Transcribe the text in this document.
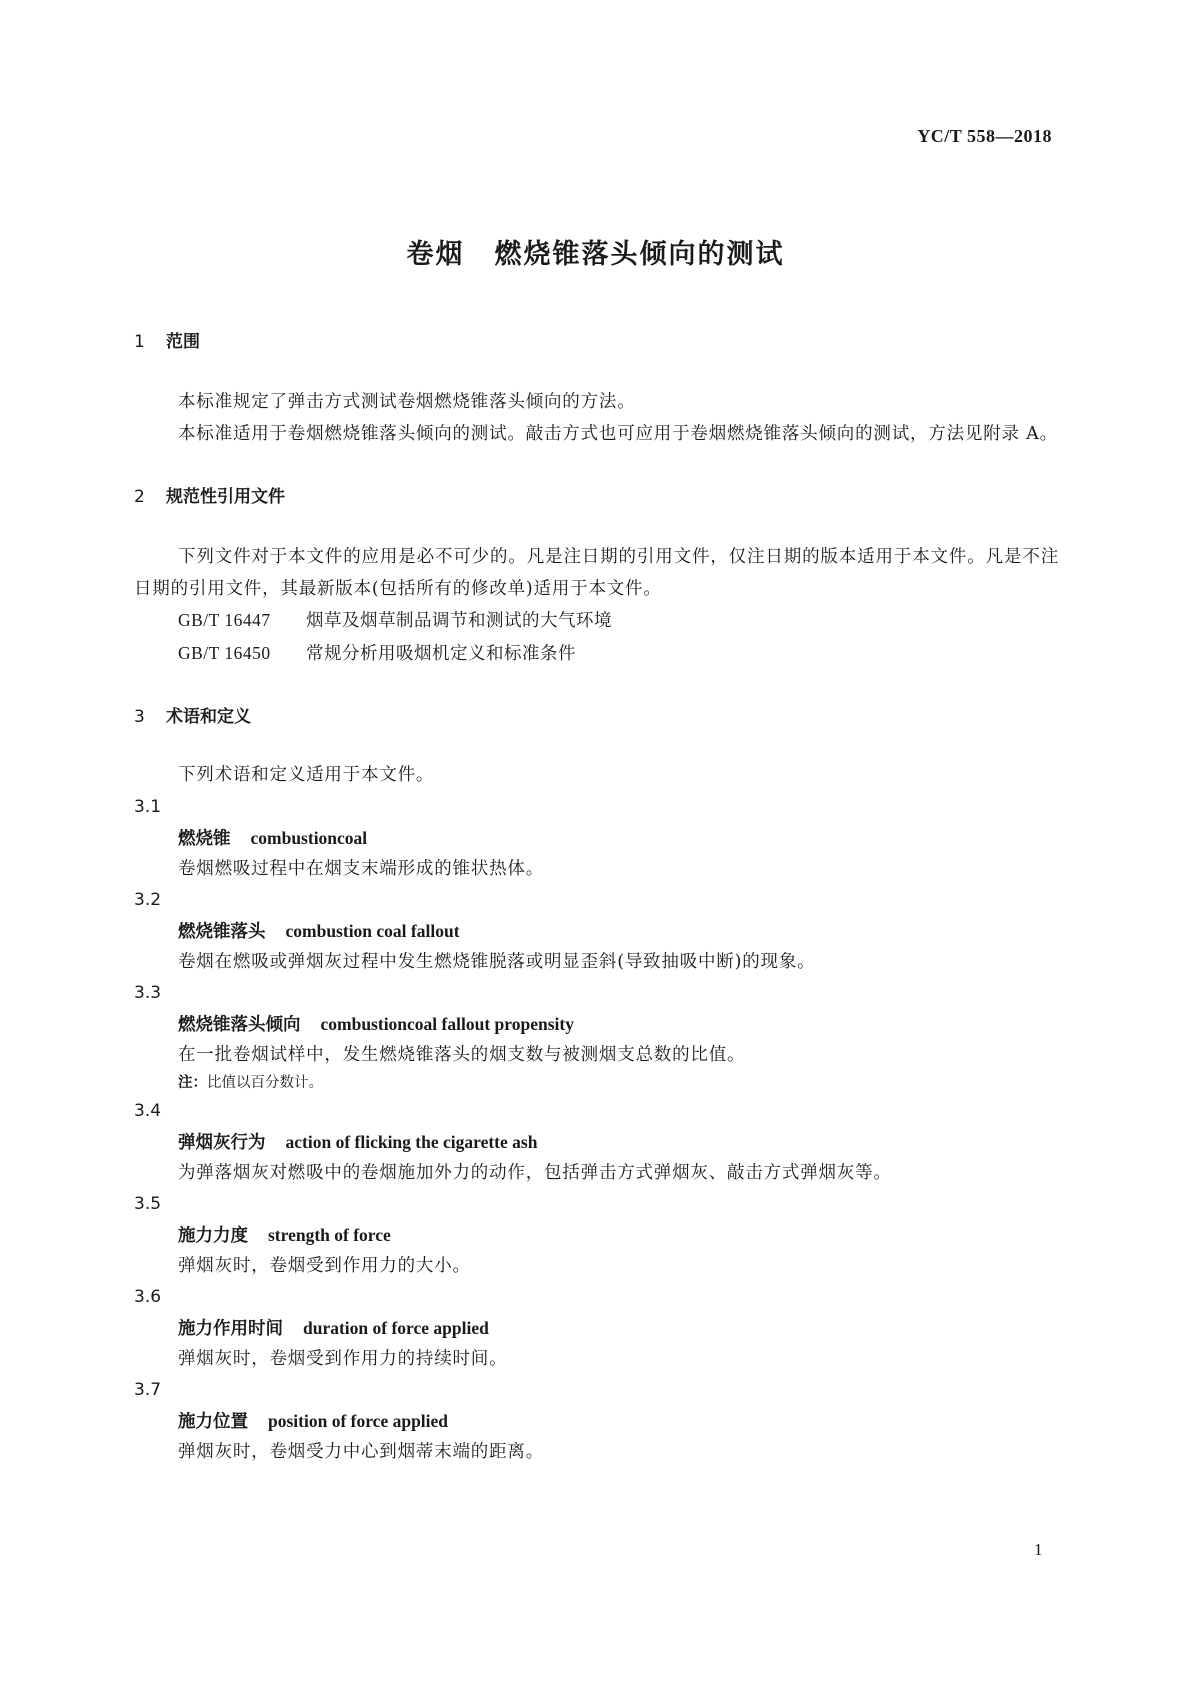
YC/T 558—2018
卷烟 燃烧锥落头倾向的测试
1 范围
本标准规定了弹击方式测试卷烟燃烧锥落头倾向的方法。
本标准适用于卷烟燃烧锥落头倾向的测试。敲击方式也可应用于卷烟燃烧锥落头倾向的测试，方法见附录 A。
2 规范性引用文件
下列文件对于本文件的应用是必不可少的。凡是注日期的引用文件，仅注日期的版本适用于本文件。凡是不注日期的引用文件，其最新版本(包括所有的修改单)适用于本文件。
GB/T 16447 烟草及烟草制品调节和测试的大气环境
GB/T 16450 常规分析用吸烟机定义和标准条件
3 术语和定义
下列术语和定义适用于本文件。
3.1
燃烧锥 combustioncoal
卷烟燃吸过程中在烟支末端形成的锥状热体。
3.2
燃烧锥落头 combustion coal fallout
卷烟在燃吸或弹烟灰过程中发生燃烧锥脱落或明显歪斜(导致抽吸中断)的现象。
3.3
燃烧锥落头倾向 combustioncoal fallout propensity
在一批卷烟试样中，发生燃烧锥落头的烟支数与被测烟支总数的比值。
注：比值以百分数计。
3.4
弹烟灰行为 action of flicking the cigarette ash
为弹落烟灰对燃吸中的卷烟施加外力的动作，包括弹击方式弹烟灰、敲击方式弹烟灰等。
3.5
施力力度 strength of force
弹烟灰时，卷烟受到作用力的大小。
3.6
施力作用时间 duration of force applied
弹烟灰时，卷烟受到作用力的持续时间。
3.7
施力位置 position of force applied
弹烟灰时，卷烟受力中心到烟蒂末端的距离。
1
